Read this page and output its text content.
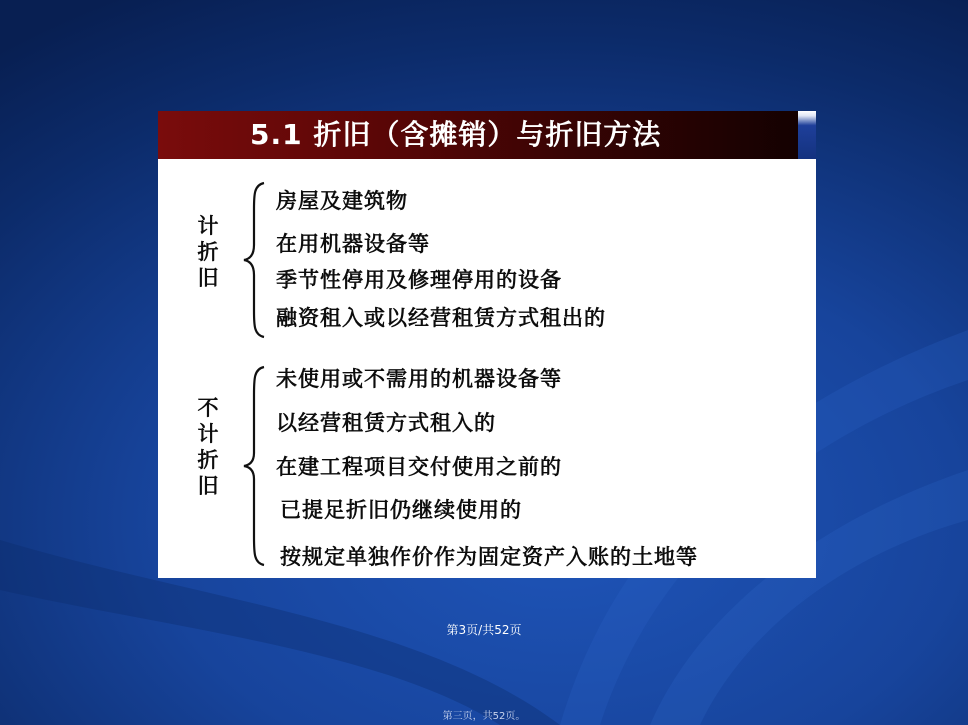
5.1 折旧（含摊销）与折旧方法
计
折
旧
房屋及建筑物
在用机器设备等
季节性停用及修理停用的设备
融资租入或以经营租赁方式租出的
不
计
折
旧
未使用或不需用的机器设备等
以经营租赁方式租入的
在建工程项目交付使用之前的
已提足折旧仍继续使用的
按规定单独作价作为固定资产入账的土地等
第3页/共52页
第三页，共52页。
